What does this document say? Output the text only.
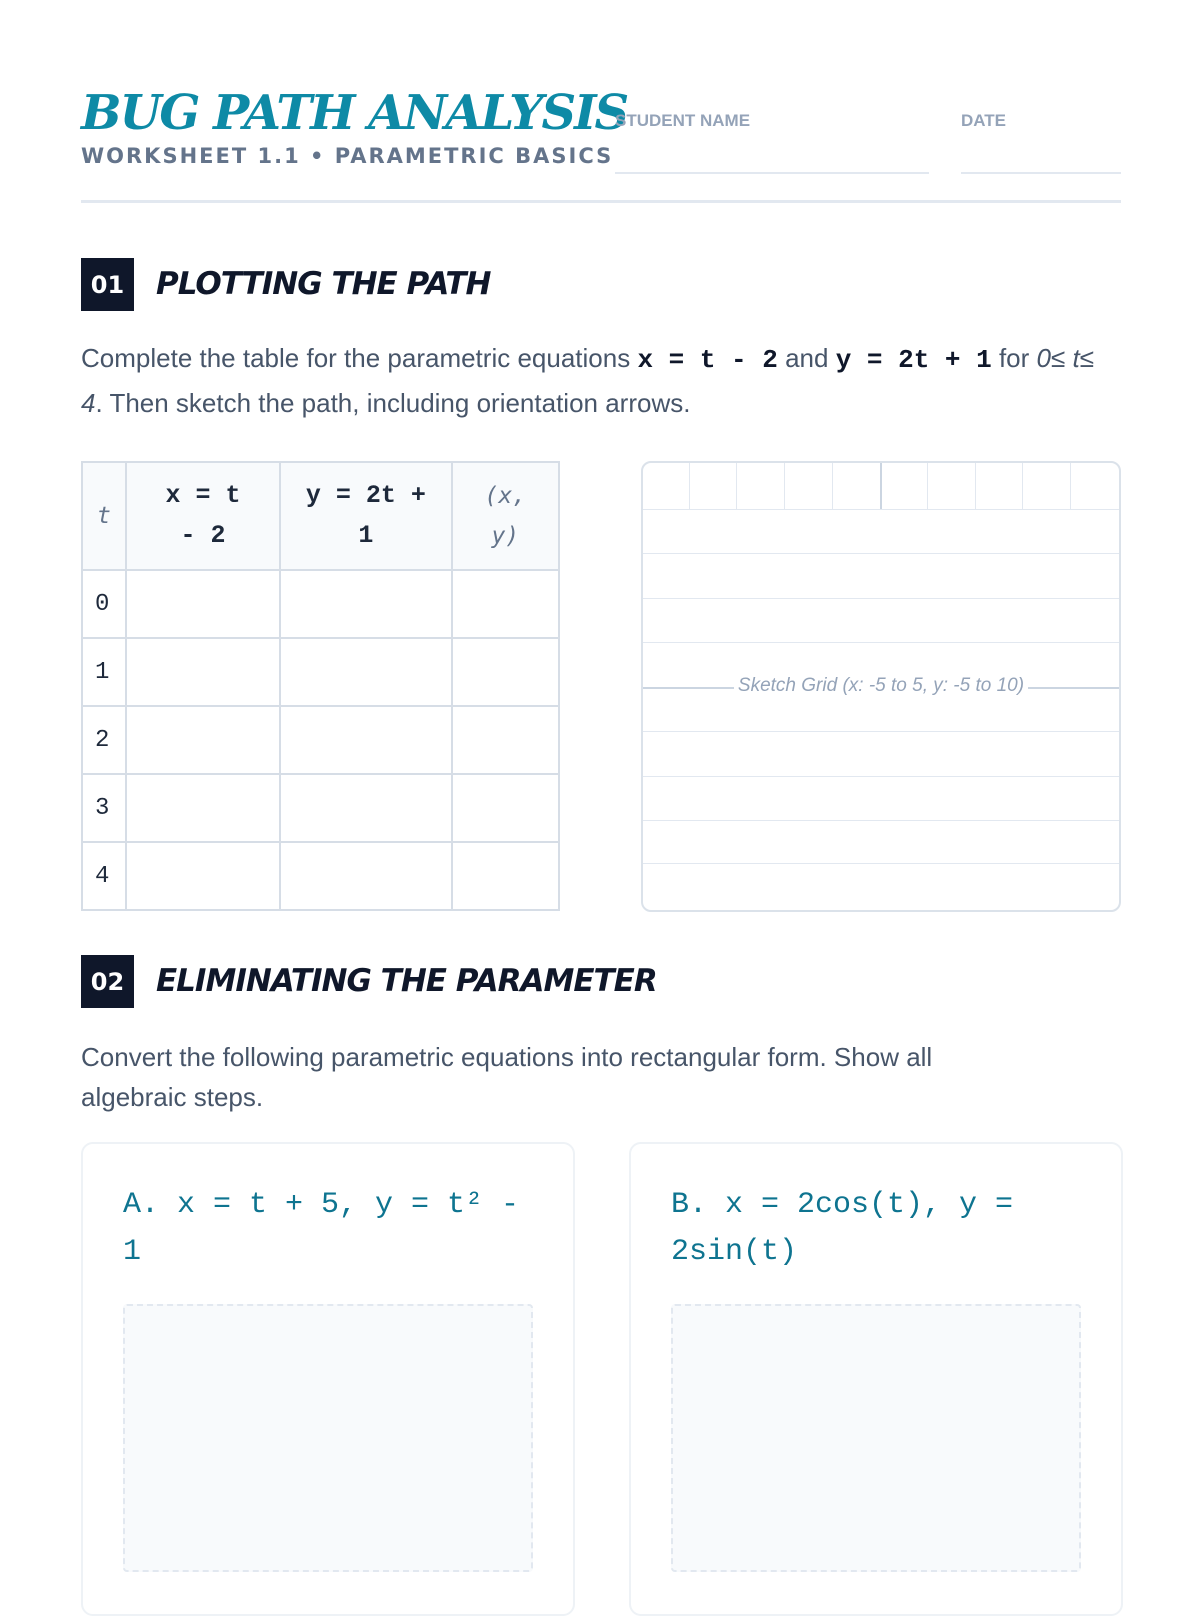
BUG PATH ANALYSIS
WORKSHEET 1.1 • PARAMETRIC BASICS
STUDENT NAME	DATE
01	PLOTTING THE PATH

Complete the table for the parametric equations x = t - 2 and y = 2t + 1 for 0≤ t≤ 4. Then sketch the path, including orientation arrows.

t	x = t - 2	y = 2t + 1	(x, y)

0			
1			
2			
3			
4			
Sketch Grid (x: -5 to 5, y: -5 to 10)
02	ELIMINATING THE PARAMETER

Convert the following parametric equations into rectangular form. Show all algebraic steps.

A. x = t + 5, y = t² - 1
B. x = 2cos(t), y = 2sin(t)
